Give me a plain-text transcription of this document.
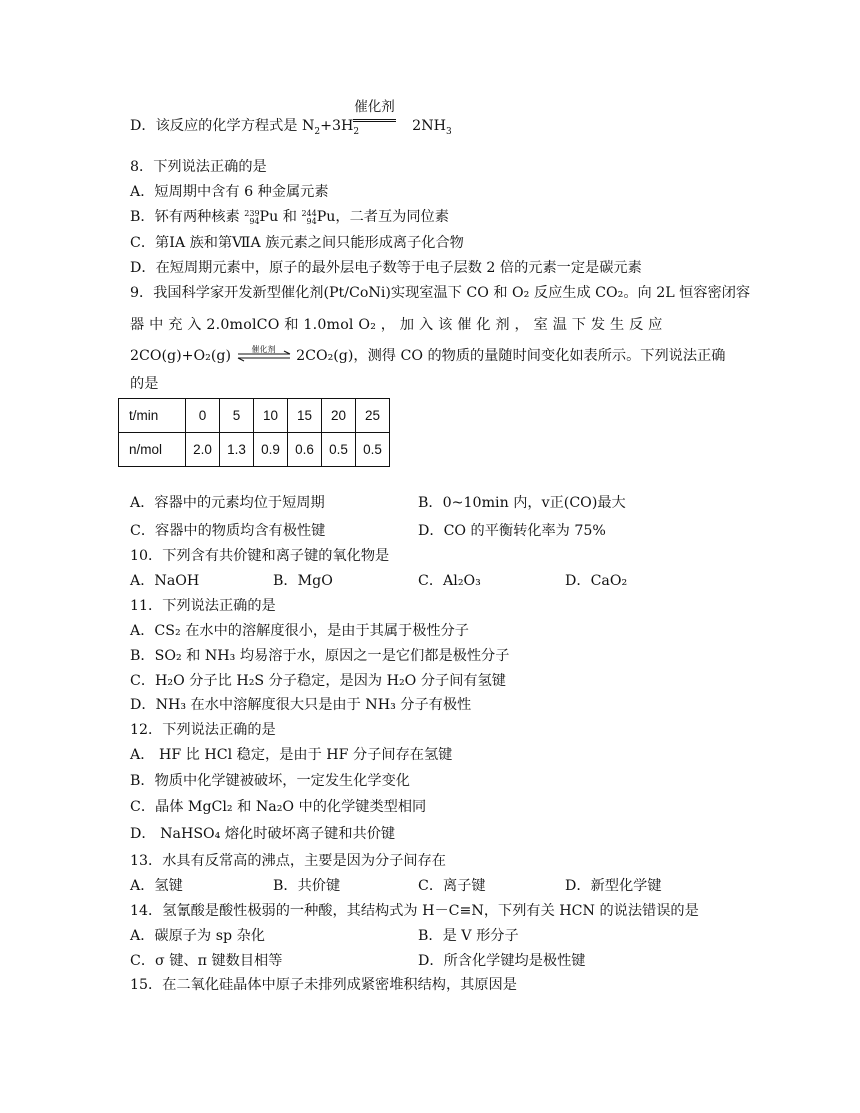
D．该反应的化学方程式是 $N_2+3H_2$	$2NH_3$
催化剂
8．下列说法正确的是
A．短周期中含有 6 种金属元素
B．钚有两种核素 239
94Pu 和 244
94Pu，二者互为同位素
C．第ⅠA 族和第ⅦA 族元素之间只能形成离子化合物
D．在短周期元素中，原子的最外层电子数等于电子层数 2 倍的元素一定是碳元素
9．我国科学家开发新型催化剂(Pt/CoNi)实现室温下 CO 和 O₂ 反应生成 CO₂。向 2L 恒容密闭容
器 中 充 入 2.0molCO 和 1.0mol O₂ ， 加 入 该 催 化 剂 ， 室 温 下 发 生 反 应
2CO(g)+O₂(g)	催化剂	2CO₂(g)，测得 CO 的物质的量随时间变化如表所示。下列说法正确
的是
t/min	0	5	10	15	20	25
n/mol	2.0	1.3	0.9	0.6	0.5	0.5
A．容器中的元素均位于短周期	B．0~10min 内，v正(CO)最大
C．容器中的物质均含有极性键	D．CO 的平衡转化率为 75%
10．下列含有共价键和离子键的氧化物是
A．NaOH	B．MgO	C．Al₂O₃	D．CaO₂
11．下列说法正确的是
A．CS₂ 在水中的溶解度很小，是由于其属于极性分子
B．SO₂ 和 NH₃ 均易溶于水，原因之一是它们都是极性分子
C．H₂O 分子比 H₂S 分子稳定，是因为 H₂O 分子间有氢键
D．NH₃ 在水中溶解度很大只是由于 NH₃ 分子有极性
12．下列说法正确的是
A． HF 比 HCl 稳定，是由于 HF 分子间存在氢键
B．物质中化学键被破坏，一定发生化学变化
C．晶体 MgCl₂ 和 Na₂O 中的化学键类型相同
D． NaHSO₄ 熔化时破坏离子键和共价键
13．水具有反常高的沸点，主要是因为分子间存在
A．氢键	B．共价键	C．离子键	D．新型化学键
14．氢氰酸是酸性极弱的一种酸，其结构式为 H－C≡N，下列有关 HCN 的说法错误的是
A．碳原子为 sp 杂化	B．是 V 形分子
C．σ 键、π 键数目相等	D．所含化学键均是极性键
15．在二氧化硅晶体中原子未排列成紧密堆积结构，其原因是
